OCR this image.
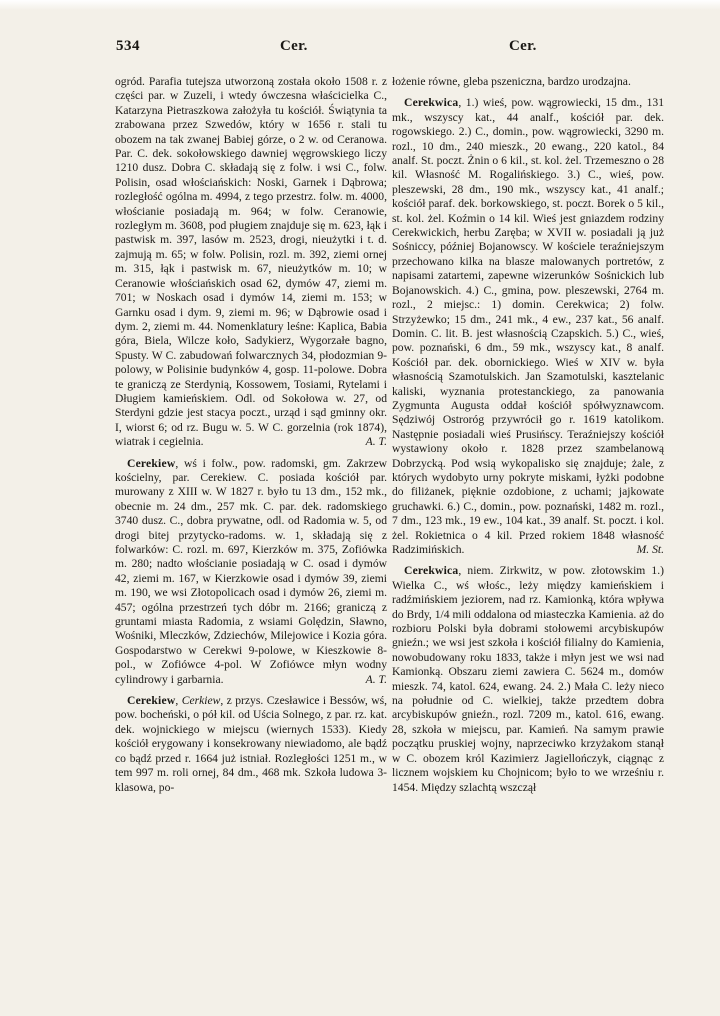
534	Cer.	Cer.

ogród. Parafia tutejsza utworzoną została około 1508 r. z części par. w Zuzeli, i wtedy ówczesna właścicielka C., Katarzyna Pietraszkowa założyła tu kościół. Świątynia ta zrabowana przez Szwedów, który w 1656 r. stali tu obozem na tak zwanej Babiej górze, o 2 w. od Ceranowa. Par. C. dek. sokołowskiego dawniej węgrowskiego liczy 1210 dusz. Dobra C. składają się z folw. i wsi C., folw. Polisin, osad włościańskich: Noski, Garnek i Dąbrowa; rozległość ogólna m. 4994, z tego przestrz. folw. m. 4000, włościanie posiadają m. 964; w folw. Ceranowie, rozległym m. 3608, pod pługiem znajduje się m. 623, łąk i pastwisk m. 397, lasów m. 2523, drogi, nieużytki i t. d. zajmują m. 65; w folw. Polisin, rozl. m. 392, ziemi ornej m. 315, łąk i pastwisk m. 67, nieużytków m. 10; w Ceranowie włościańskich osad 62, dymów 47, ziemi m. 701; w Noskach osad i dymów 14, ziemi m. 153; w Garnku osad i dym. 9, ziemi m. 96; w Dąbrowie osad i dym. 2, ziemi m. 44. Nomenklatury leśne: Kaplica, Babia góra, Biela, Wilcze koło, Sadykierz, Wygorzałe bagno, Spusty. W C. zabudowań folwarcznych 34, płodozmian 9-polowy, w Polisinie budynków 4, gosp. 11-polowe. Dobra te graniczą ze Sterdynią, Kossowem, Tosiami, Rytelami i Długiem kamieńskiem. Odl. od Sokołowa w. 27, od Sterdyni gdzie jest stacya poczt., urząd i sąd gminny okr. I, wiorst 6; od rz. Bugu w. 5. W C. gorzelnia (rok 1874), wiatrak i cegielnia.	A. T.

Cerekiew, wś i folw., pow. radomski, gm. Zakrzew kościelny, par. Cerekiew. C. posiada kościół par. murowany z XIII w. W 1827 r. było tu 13 dm., 152 mk., obecnie m. 24 dm., 257 mk. C. par. dek. radomskiego 3740 dusz. C., dobra prywatne, odl. od Radomia w. 5, od drogi bitej przytycko-radoms. w. 1, składają się z folwarków: C. rozl. m. 697, Kierzków m. 375, Zofiówka m. 280; nadto włościanie posiadają w C. osad i dymów 42, ziemi m. 167, w Kierzkowie osad i dymów 39, ziemi m. 190, we wsi Złotopolicach osad i dymów 26, ziemi m. 457; ogólna przestrzeń tych dóbr m. 2166; graniczą z gruntami miasta Radomia, z wsiami Golędzin, Sławno, Wośniki, Mleczków, Zdziechów, Milejowice i Kozia góra. Gospodarstwo w Cerekwi 9-polowe, w Kieszkowie 8-pol., w Zofiówce 4-pol. W Zofiówce młyn wodny cylindrowy i garbarnia.	A. T.

Cerekiew, Cerkiew, z przys. Czesławice i Bessów, wś, pow. bocheński, o pół kil. od Uścia Solnego, z par. rz. kat. dek. wojnickiego w miejscu (wiernych 1533). Kiedy kościół erygowany i konsekrowany niewiadomo, ale bądź co bądź przed r. 1664 już istniał. Rozległości 1251 m., w tem 997 m. roli ornej, 84 dm., 468 mk. Szkoła ludowa 3-klasowa, po-

łożenie równe, gleba pszeniczna, bardzo urodzajna.

Cerekwica, 1.) wieś, pow. wągrowiecki, 15 dm., 131 mk., wszyscy kat., 44 analf., kościół par. dek. rogowskiego. 2.) C., domin., pow. wągrowiecki, 3290 m. rozl., 10 dm., 240 mieszk., 20 ewang., 220 katol., 84 analf. St. poczt. Żnin o 6 kil., st. kol. żel. Trzemeszno o 28 kil. Własność M. Rogalińskiego. 3.) C., wieś, pow. pleszewski, 28 dm., 190 mk., wszyscy kat., 41 analf.; kościół paraf. dek. borkowskiego, st. poczt. Borek o 5 kil., st. kol. żel. Koźmin o 14 kil. Wieś jest gniazdem rodziny Cerekwickich, herbu Zaręba; w XVII w. posiadali ją już Sośniccy, później Bojanowscy. W kościele teraźniejszym przechowano kilka na blasze malowanych portretów, z napisami zatartemi, zapewne wizerunków Sośnickich lub Bojanowskich. 4.) C., gmina, pow. pleszewski, 2764 m. rozl., 2 miejsc.: 1) domin. Cerekwica; 2) folw. Strzyżewko; 15 dm., 241 mk., 4 ew., 237 kat., 56 analf. Domin. C. lit. B. jest własnością Czapskich. 5.) C., wieś, pow. poznański, 6 dm., 59 mk., wszyscy kat., 8 analf. Kościół par. dek. obornickiego. Wieś w XIV w. była własnością Szamotulskich. Jan Szamotulski, kasztelanic kaliski, wyznania protestanckiego, za panowania Zygmunta Augusta oddał kościół spółwyznawcom. Sędziwój Ostroróg przywrócił go r. 1619 katolikom. Następnie posiadali wieś Prusińscy. Teraźniejszy kościół wystawiony około r. 1828 przez szambelanową Dobrzycką. Pod wsią wykopalisko się znajduje; żale, z których wydobyto urny pokryte miskami, łyżki podobne do filiżanek, pięknie ozdobione, z uchami; jajkowate gruchawki. 6.) C., domin., pow. poznański, 1482 m. rozl., 7 dm., 123 mk., 19 ew., 104 kat., 39 analf. St. poczt. i kol. żel. Rokietnica o 4 kil. Przed rokiem 1848 własność Radzimińskich.	M. St.

Cerekwica, niem. Zirkwitz, w pow. złotowskim 1.) Wielka C., wś włośc., leży między kamieńskiem i radźmińskiem jeziorem, nad rz. Kamionką, która wpływa do Brdy, 1/4 mili oddalona od miasteczka Kamienia. aż do rozbioru Polski była dobrami stołowemi arcybiskupów gnieźn.; we wsi jest szkoła i kościół filialny do Kamienia, nowobudowany roku 1833, także i młyn jest we wsi nad Kamionką. Obszaru ziemi zawiera C. 5624 m., domów mieszk. 74, katol. 624, ewang. 24. 2.) Mała C. leży nieco na południe od C. wielkiej, także przedtem dobra arcybiskupów gnieźn., rozl. 7209 m., katol. 616, ewang. 28, szkoła w miejscu, par. Kamień. Na samym prawie początku pruskiej wojny, naprzeciwko krzyżakom stanął w C. obozem król Kazimierz Jagiellończyk, ciągnąc z licznem wojskiem ku Chojnicom; było to we wrześniu r. 1454. Między szlachtą wszczął
